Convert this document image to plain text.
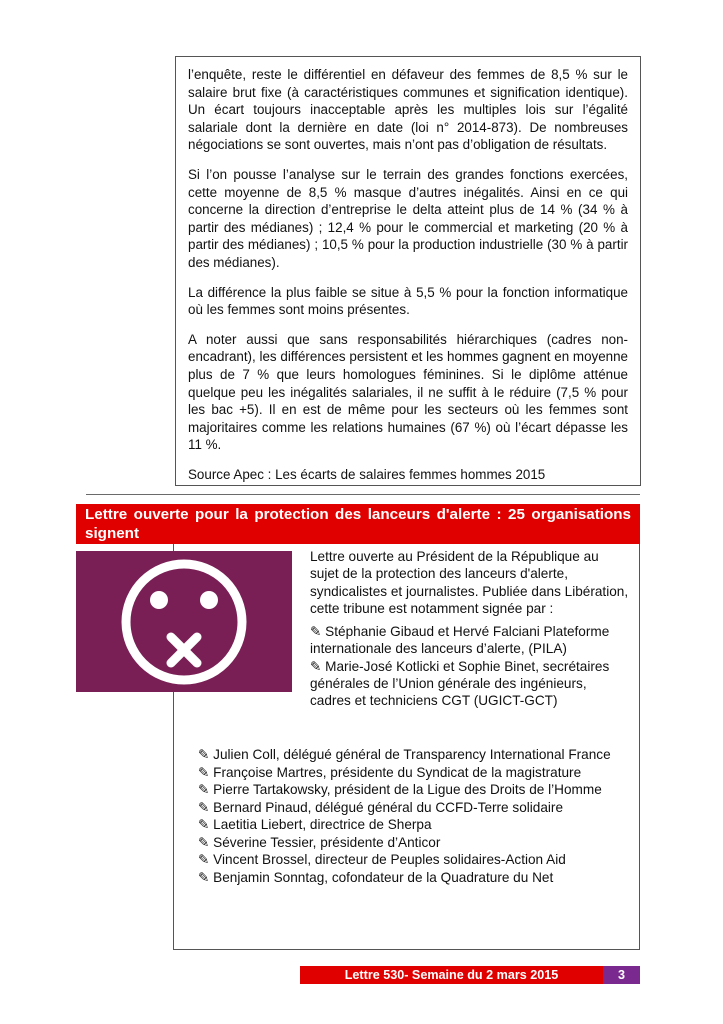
l’enquête, reste le différentiel en défaveur des femmes de 8,5 % sur le salaire brut fixe (à caractéristiques communes et signification identique). Un écart toujours inacceptable après les multiples lois sur l’égalité salariale dont la dernière en date (loi n° 2014-873). De nombreuses négociations se sont ouvertes, mais n’ont pas d’obligation de résultats.

Si l’on pousse l’analyse sur le terrain des grandes fonctions exercées, cette moyenne de 8,5 % masque d’autres inégalités. Ainsi en ce qui concerne la direction d’entreprise le delta atteint plus de 14 % (34 % à partir des médianes) ; 12,4 % pour le commercial et marketing (20 % à partir des médianes) ; 10,5 % pour la production industrielle (30 % à partir des médianes).

La différence la plus faible se situe à 5,5 % pour la fonction informatique où les femmes sont moins présentes.

A noter aussi que sans responsabilités hiérarchiques (cadres non-encadrant), les différences persistent et les hommes gagnent en moyenne plus de 7 % que leurs homologues féminines. Si le diplôme atténue quelque peu les inégalités salariales, il ne suffit à le réduire (7,5 % pour les bac +5). Il en est de même pour les secteurs où les femmes sont majoritaires comme les relations humaines (67 %) où l’écart dépasse les 11 %.

Source Apec : Les écarts de salaires femmes hommes 2015

Lettre ouverte pour la protection des lanceurs d'alerte : 25 organisations signent

Lettre ouverte au Président de la République au sujet de la protection des lanceurs d'alerte, syndicalistes et journalistes. Publiée dans Libération, cette tribune est notamment signée par :

✎ Stéphanie Gibaud et Hervé Falciani Plateforme internationale des lanceurs d’alerte, (PILA)
✎ Marie-José Kotlicki et Sophie Binet, secrétaires générales de l’Union générale des ingénieurs, cadres et techniciens CGT (UGICT-GCT)
✎ Julien Coll, délégué général de Transparency International France
✎ Françoise Martres, présidente du Syndicat de la magistrature
✎ Pierre Tartakowsky, président de la Ligue des Droits de l’Homme
✎ Bernard Pinaud, délégué général du CCFD-Terre solidaire
✎ Laetitia Liebert, directrice de Sherpa
✎ Séverine Tessier, présidente d’Anticor
✎ Vincent Brossel, directeur de Peuples solidaires-Action Aid
✎ Benjamin Sonntag, cofondateur de la Quadrature du Net
Lettre 530- Semaine du 2 mars 2015	3
